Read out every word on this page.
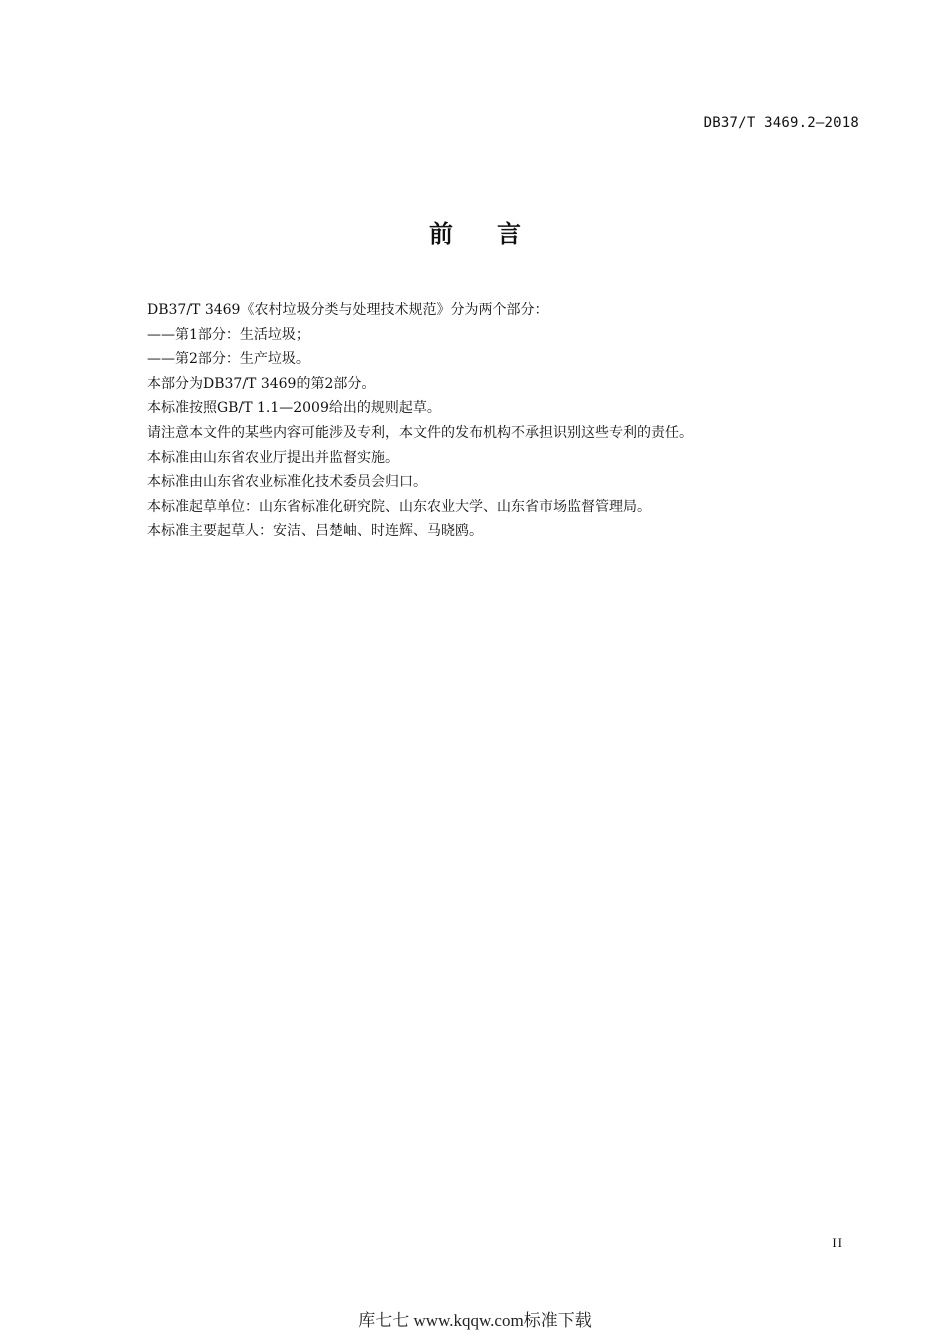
DB37/T 3469.2—2018
前言
DB37/T 3469《农村垃圾分类与处理技术规范》分为两个部分：
——第1部分：生活垃圾；
——第2部分：生产垃圾。
本部分为DB37/T 3469的第2部分。
本标准按照GB/T 1.1—2009给出的规则起草。
请注意本文件的某些内容可能涉及专利，本文件的发布机构不承担识别这些专利的责任。
本标准由山东省农业厅提出并监督实施。
本标准由山东省农业标准化技术委员会归口。
本标准起草单位：山东省标准化研究院、山东农业大学、山东省市场监督管理局。
本标准主要起草人：安洁、吕楚岫、时连辉、马晓鸥。
II
库七七 www.kqqw.com标准下载
